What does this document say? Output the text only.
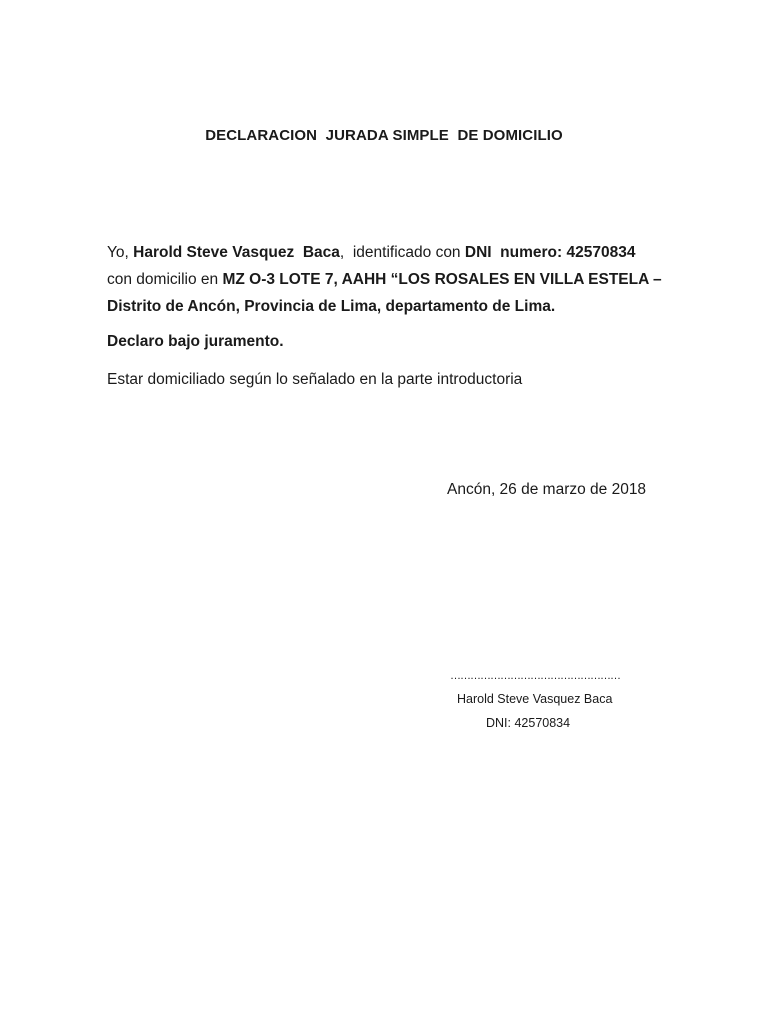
DECLARACION  JURADA SIMPLE  DE DOMICILIO
Yo, Harold Steve Vasquez  Baca,  identificado con DNI  numero: 42570834
con domicilio en MZ O-3 LOTE 7, AAHH “LOS ROSALES EN VILLA ESTELA –
Distrito de Ancón, Provincia de Lima, departamento de Lima.
Declaro bajo juramento.
Estar domiciliado según lo señalado en la parte introductoria
Ancón, 26 de marzo de 2018
……………………………………………
Harold Steve Vasquez Baca
DNI: 42570834
